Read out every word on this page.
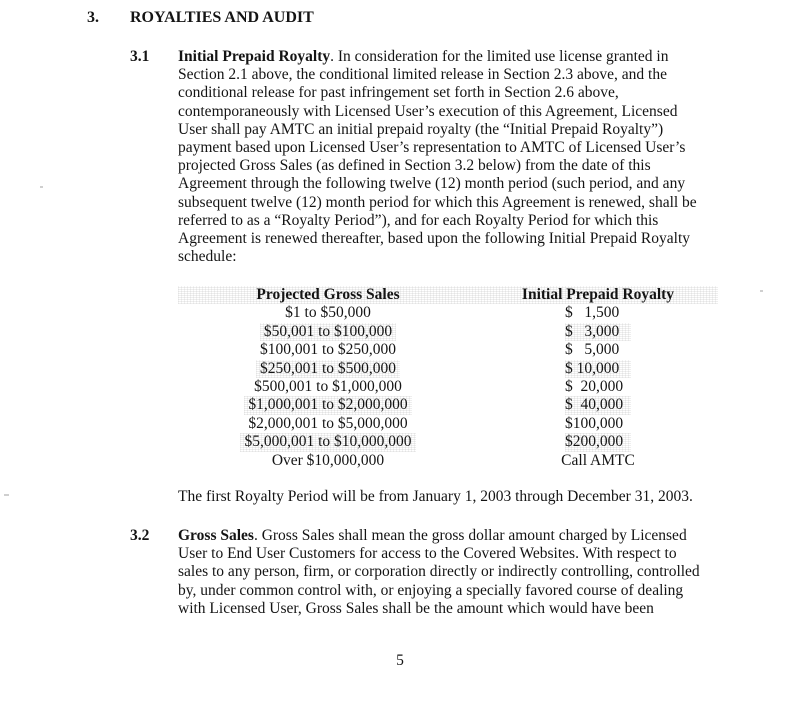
3. ROYALTIES AND AUDIT
3.1 Initial Prepaid Royalty. In consideration for the limited use license granted in
Section 2.1 above, the conditional limited release in Section 2.3 above, and the
conditional release for past infringement set forth in Section 2.6 above,
contemporaneously with Licensed User’s execution of this Agreement, Licensed
User shall pay AMTC an initial prepaid royalty (the “Initial Prepaid Royalty”)
payment based upon Licensed User’s representation to AMTC of Licensed User’s
projected Gross Sales (as defined in Section 3.2 below) from the date of this
Agreement through the following twelve (12) month period (such period, and any
subsequent twelve (12) month period for which this Agreement is renewed, shall be
referred to as a “Royalty Period”), and for each Royalty Period for which this
Agreement is renewed thereafter, based upon the following Initial Prepaid Royalty
schedule:
Projected Gross Sales	Initial Prepaid Royalty
$1 to $50,000	$   1,500
$50,001 to $100,000	$   3,000
$100,001 to $250,000	$   5,000
$250,001 to $500,000	$ 10,000
$500,001 to $1,000,000	$  20,000
$1,000,001 to $2,000,000	$  40,000
$2,000,001 to $5,000,000	$100,000
$5,000,001 to $10,000,000	$200,000
Over $10,000,000	Call AMTC
The first Royalty Period will be from January 1, 2003 through December 31, 2003.
3.2 Gross Sales. Gross Sales shall mean the gross dollar amount charged by Licensed
User to End User Customers for access to the Covered Websites. With respect to
sales to any person, firm, or corporation directly or indirectly controlling, controlled
by, under common control with, or enjoying a specially favored course of dealing
with Licensed User, Gross Sales shall be the amount which would have been
5
